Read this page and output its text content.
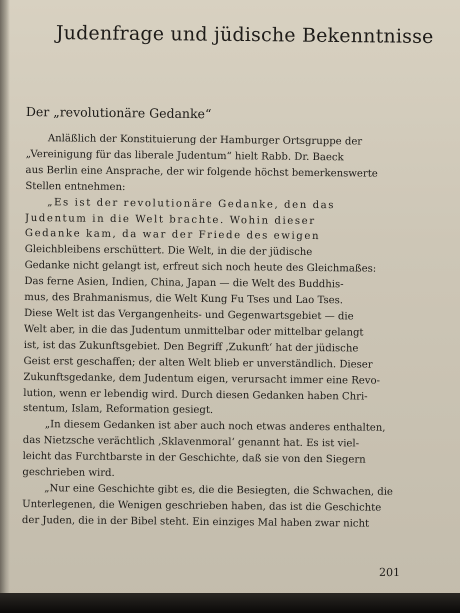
Judenfrage und jüdische Bekenntnisse
Der „revolutionäre Gedanke“
Anläßlich der Konstituierung der Hamburger Ortsgruppe der
„Vereinigung für das liberale Judentum“ hielt Rabb. Dr. Baeck
aus Berlin eine Ansprache, der wir folgende höchst bemerkenswerte
Stellen entnehmen:
„Es ist der revolutionäre Gedanke, den das
Judentum in die Welt brachte. Wohin dieser
Gedanke kam, da war der Friede des ewigen
Gleichbleibens erschüttert. Die Welt, in die der jüdische
Gedanke nicht gelangt ist, erfreut sich noch heute des Gleichmaßes:
Das ferne Asien, Indien, China, Japan — die Welt des Buddhis-
mus, des Brahmanismus, die Welt Kung Fu Tses und Lao Tses.
Diese Welt ist das Vergangenheits- und Gegenwartsgebiet — die
Welt aber, in die das Judentum unmittelbar oder mittelbar gelangt
ist, ist das Zukunftsgebiet. Den Begriff ‚Zukunft‘ hat der jüdische
Geist erst geschaffen; der alten Welt blieb er unverständlich. Dieser
Zukunftsgedanke, dem Judentum eigen, verursacht immer eine Revo-
lution, wenn er lebendig wird. Durch diesen Gedanken haben Chri-
stentum, Islam, Reformation gesiegt.
„In diesem Gedanken ist aber auch noch etwas anderes enthalten,
das Nietzsche verächtlich ‚Sklavenmoral‘ genannt hat. Es ist viel-
leicht das Furchtbarste in der Geschichte, daß sie von den Siegern
geschrieben wird.
„Nur eine Geschichte gibt es, die die Besiegten, die Schwachen, die
Unterlegenen, die Wenigen geschrieben haben, das ist die Geschichte
der Juden, die in der Bibel steht. Ein einziges Mal haben zwar nicht
201
